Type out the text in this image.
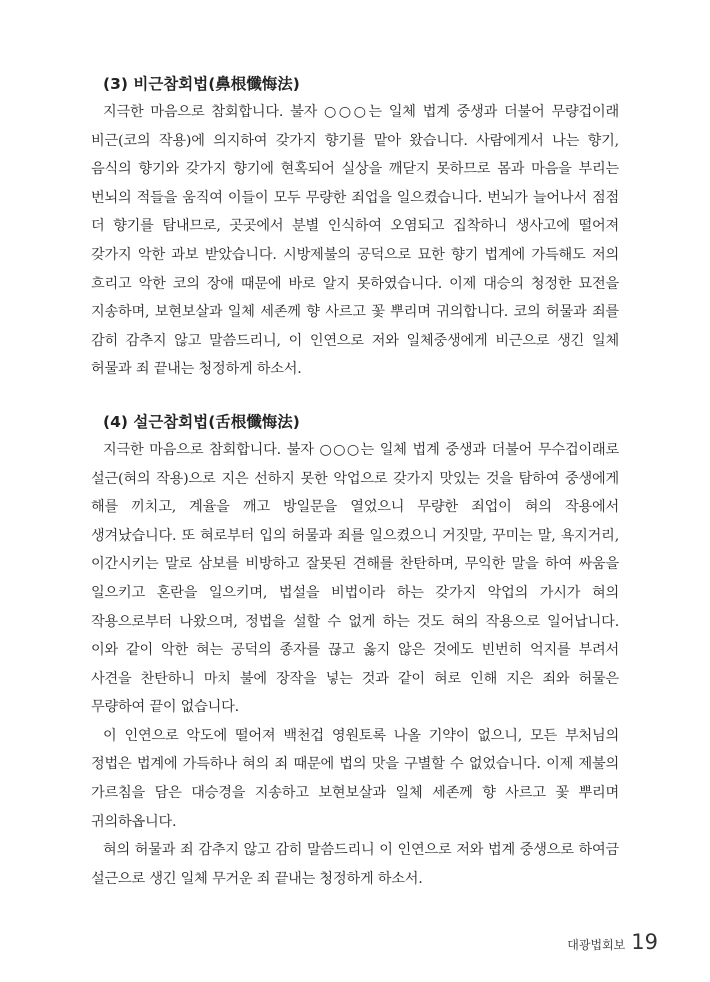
(3) 비근참회법(鼻根懺悔法)

지극한 마음으로 참회합니다. 불자 ○○○는 일체 법계 중생과 더불어 무량겁이래 비근(코의 작용)에 의지하여 갖가지 향기를 맡아 왔습니다. 사람에게서 나는 향기, 음식의 향기와 갖가지 향기에 현혹되어 실상을 깨닫지 못하므로 몸과 마음을 부리는 번뇌의 적들을 움직여 이들이 모두 무량한 죄업을 일으켰습니다. 번뇌가 늘어나서 점점 더 향기를 탐내므로, 곳곳에서 분별 인식하여 오염되고 집착하니 생사고에 떨어져 갖가지 악한 과보 받았습니다. 시방제불의 공덕으로 묘한 향기 법계에 가득해도 저의 흐리고 악한 코의 장애 때문에 바로 알지 못하였습니다. 이제 대승의 청정한 묘전을 지송하며, 보현보살과 일체 세존께 향 사르고 꽃 뿌리며 귀의합니다. 코의 허물과 죄를 감히 감추지 않고 말씀드리니, 이 인연으로 저와 일체중생에게 비근으로 생긴 일체 허물과 죄 끝내는 청정하게 하소서.

(4) 설근참회법(舌根懺悔法)

지극한 마음으로 참회합니다. 불자 ○○○는 일체 법계 중생과 더불어 무수겁이래로 설근(혀의 작용)으로 지은 선하지 못한 악업으로 갖가지 맛있는 것을 탐하여 중생에게 해를 끼치고, 계율을 깨고 방일문을 열었으니 무량한 죄업이 혀의 작용에서 생겨났습니다. 또 혀로부터 입의 허물과 죄를 일으켰으니 거짓말, 꾸미는 말, 욕지거리, 이간시키는 말로 삼보를 비방하고 잘못된 견해를 찬탄하며, 무익한 말을 하여 싸움을 일으키고 혼란을 일으키며, 법설을 비법이라 하는 갖가지 악업의 가시가 혀의 작용으로부터 나왔으며, 정법을 설할 수 없게 하는 것도 혀의 작용으로 일어납니다. 이와 같이 악한 혀는 공덕의 종자를 끊고 옳지 않은 것에도 빈번히 억지를 부려서 사견을 찬탄하니 마치 불에 장작을 넣는 것과 같이 혀로 인해 지은 죄와 허물은 무량하여 끝이 없습니다.

이 인연으로 악도에 떨어져 백천겁 영원토록 나올 기약이 없으니, 모든 부처님의 정법은 법계에 가득하나 혀의 죄 때문에 법의 맛을 구별할 수 없었습니다. 이제 제불의 가르침을 담은 대승경을 지송하고 보현보살과 일체 세존께 향 사르고 꽃 뿌리며 귀의하옵니다.

혀의 허물과 죄 감추지 않고 감히 말씀드리니 이 인연으로 저와 법계 중생으로 하여금 설근으로 생긴 일체 무거운 죄 끝내는 청정하게 하소서.

대광법회보 19
